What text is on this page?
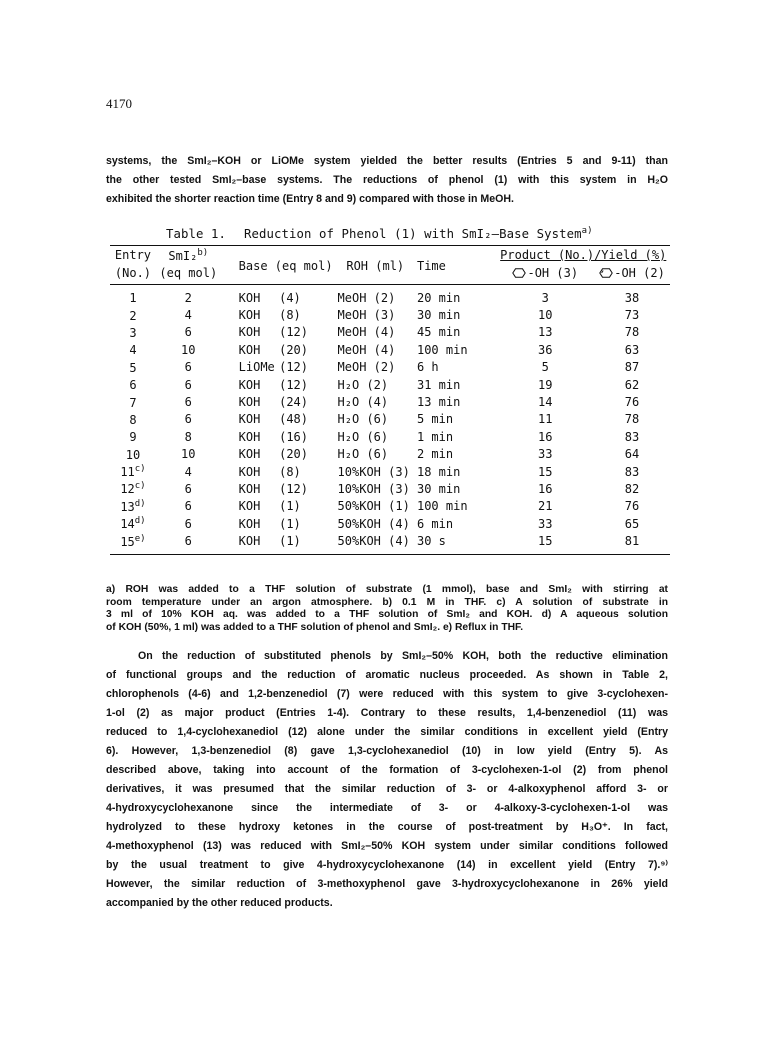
4170

systems, the SmI₂–KOH or LiOMe system yielded the better results (Entries 5 and 9-11) than
the other tested SmI₂–base systems. The reductions of phenol (1) with this system in H₂O
exhibited the shorter reaction time (Entry 8 and 9) compared with those in MeOH.

Table 1. Reduction of Phenol (1) with SmI₂–Base System$^{a)}$
Entry	SmI₂$^{b)}$	Base (eq mol)		ROH (ml)	Time	Product (No.)/Yield (%)	
(No.)	(eq mol)					-OH (3)	-OH (2)
1	2	KOH	(4)	MeOH (2)	20 min	3	38
2	4	KOH	(8)	MeOH (3)	30 min	10	73
3	6	KOH	(12)	MeOH (4)	45 min	13	78
4	10	KOH	(20)	MeOH (4)	100 min	36	63
5	6	LiOMe	(12)	MeOH (2)	6 h	5	87
6	6	KOH	(12)	H₂O (2)	31 min	19	62
7	6	KOH	(24)	H₂O (4)	13 min	14	76
8	6	KOH	(48)	H₂O (6)	5 min	11	78
9	8	KOH	(16)	H₂O (6)	1 min	16	83
10	10	KOH	(20)	H₂O (6)	2 min	33	64
11$^{c)}$	4	KOH	(8)	10%KOH (3)	18 min	15	83
12$^{c)}$	6	KOH	(12)	10%KOH (3)	30 min	16	82
13$^{d)}$	6	KOH	(1)	50%KOH (1)	100 min	21	76
14$^{d)}$	6	KOH	(1)	50%KOH (4)	6 min	33	65
15$^{e)}$	6	KOH	(1)	50%KOH (4)	30 s	15	81

a) ROH was added to a THF solution of substrate (1 mmol), base and SmI₂ with stirring at
room temperature under an argon atmosphere. b) 0.1 M in THF. c) A solution of substrate in
3 ml of 10% KOH aq. was added to a THF solution of SmI₂ and KOH. d) A aqueous solution
of KOH (50%, 1 ml) was added to a THF solution of phenol and SmI₂. e) Reflux in THF.

On the reduction of substituted phenols by SmI₂–50% KOH, both the reductive elimination
of functional groups and the reduction of aromatic nucleus proceeded. As shown in Table 2,
chlorophenols (4-6) and 1,2-benzenediol (7) were reduced with this system to give 3-cyclohexen-
1-ol (2) as major product (Entries 1-4). Contrary to these results, 1,4-benzenediol (11) was
reduced to 1,4-cyclohexanediol (12) alone under the similar conditions in excellent yield (Entry
6). However, 1,3-benzenediol (8) gave 1,3-cyclohexanediol (10) in low yield (Entry 5). As
described above, taking into account of the formation of 3-cyclohexen-1-ol (2) from phenol
derivatives, it was presumed that the similar reduction of 3- or 4-alkoxyphenol afford 3- or
4-hydroxycyclohexanone since the intermediate of 3- or 4-alkoxy-3-cyclohexen-1-ol was
hydrolyzed to these hydroxy ketones in the course of post-treatment by H₃O⁺. In fact,
4-methoxyphenol (13) was reduced with SmI₂–50% KOH system under similar conditions followed
by the usual treatment to give 4-hydroxycyclohexanone (14) in excellent yield (Entry 7).⁹⁾
However, the similar reduction of 3-methoxyphenol gave 3-hydroxycyclohexanone in 26% yield
accompanied by the other reduced products.
